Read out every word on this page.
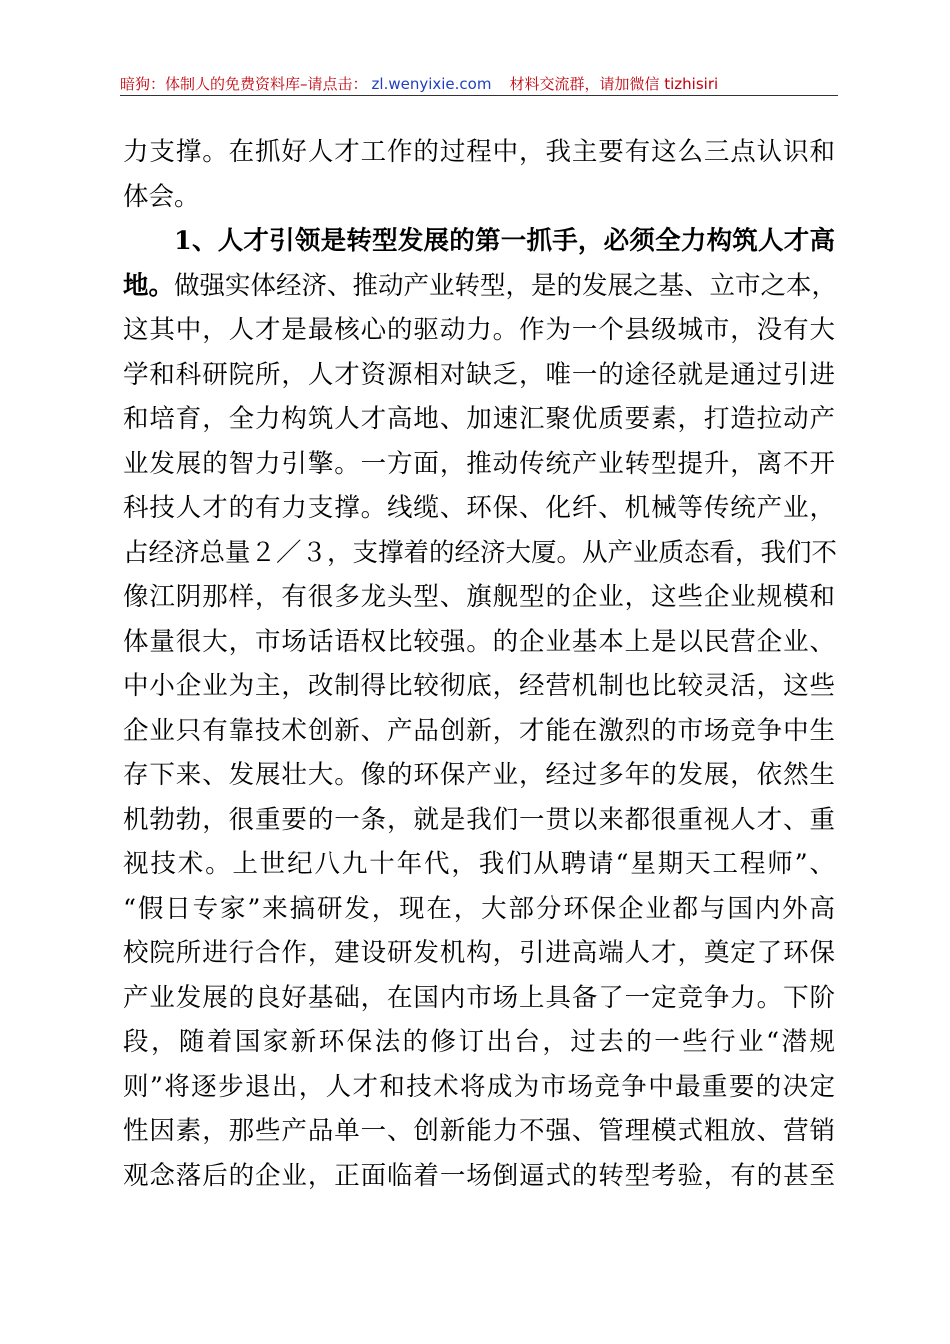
暗狗：体制人的免费资料库–请点击： zl.wenyixie.com 材料交流群，请加微信 tizhisiri
力支撑。在抓好人才工作的过程中，我主要有这么三点认识和
体会。
1、人才引领是转型发展的第一抓手，必须全力构筑人才高
地。做强实体经济、推动产业转型，是的发展之基、立市之本，
这其中，人才是最核心的驱动力。作为一个县级城市，没有大
学和科研院所，人才资源相对缺乏，唯一的途径就是通过引进
和培育，全力构筑人才高地、加速汇聚优质要素，打造拉动产
业发展的智力引擎。一方面，推动传统产业转型提升，离不开
科技人才的有力支撑。线缆、环保、化纤、机械等传统产业，
占经济总量２／３，支撑着的经济大厦。从产业质态看，我们不
像江阴那样，有很多龙头型、旗舰型的企业，这些企业规模和
体量很大，市场话语权比较强。的企业基本上是以民营企业、
中小企业为主，改制得比较彻底，经营机制也比较灵活，这些
企业只有靠技术创新、产品创新，才能在激烈的市场竞争中生
存下来、发展壮大。像的环保产业，经过多年的发展，依然生
机勃勃，很重要的一条，就是我们一贯以来都很重视人才、重
视技术。上世纪八九十年代，我们从聘请“星期天工程师”、
“假日专家”来搞研发，现在，大部分环保企业都与国内外高
校院所进行合作，建设研发机构，引进高端人才，奠定了环保
产业发展的良好基础，在国内市场上具备了一定竞争力。下阶
段，随着国家新环保法的修订出台，过去的一些行业“潜规
则”将逐步退出，人才和技术将成为市场竞争中最重要的决定
性因素，那些产品单一、创新能力不强、管理模式粗放、营销
观念落后的企业，正面临着一场倒逼式的转型考验，有的甚至
